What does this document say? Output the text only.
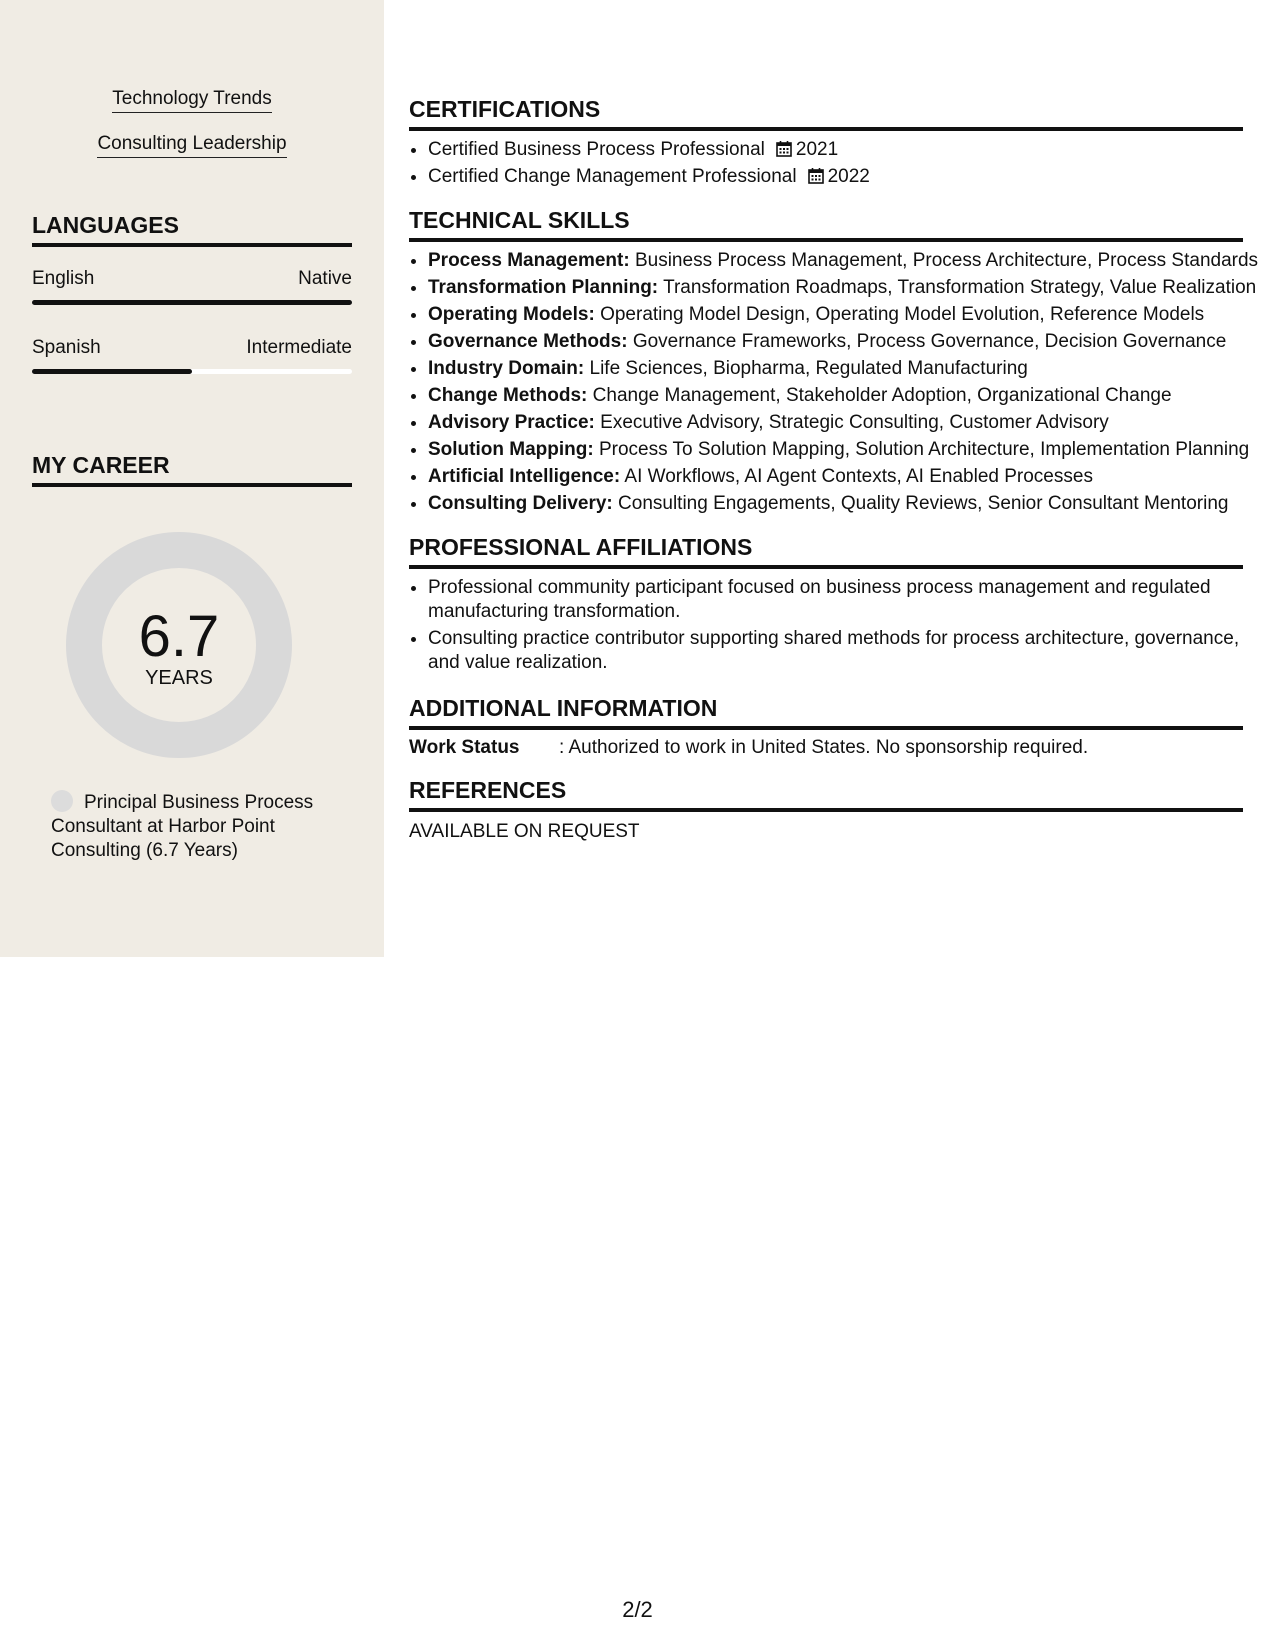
Technology Trends
Consulting Leadership
LANGUAGES
English	Native
Spanish	Intermediate
MY CAREER
6.7
YEARS
Principal Business Process Consultant at Harbor Point Consulting (6.7 Years)
CERTIFICATIONS
• Certified Business Process Professional 2021
• Certified Change Management Professional 2022
TECHNICAL SKILLS
• Process Management: Business Process Management, Process Architecture, Process Standards
• Transformation Planning: Transformation Roadmaps, Transformation Strategy, Value Realization
• Operating Models: Operating Model Design, Operating Model Evolution, Reference Models
• Governance Methods: Governance Frameworks, Process Governance, Decision Governance
• Industry Domain: Life Sciences, Biopharma, Regulated Manufacturing
• Change Methods: Change Management, Stakeholder Adoption, Organizational Change
• Advisory Practice: Executive Advisory, Strategic Consulting, Customer Advisory
• Solution Mapping: Process To Solution Mapping, Solution Architecture, Implementation Planning
• Artificial Intelligence: AI Workflows, AI Agent Contexts, AI Enabled Processes
• Consulting Delivery: Consulting Engagements, Quality Reviews, Senior Consultant Mentoring
PROFESSIONAL AFFILIATIONS
• Professional community participant focused on business process management and regulated manufacturing transformation.
• Consulting practice contributor supporting shared methods for process architecture, governance, and value realization.
ADDITIONAL INFORMATION
Work Status : Authorized to work in United States. No sponsorship required.
REFERENCES
AVAILABLE ON REQUEST
2/2
